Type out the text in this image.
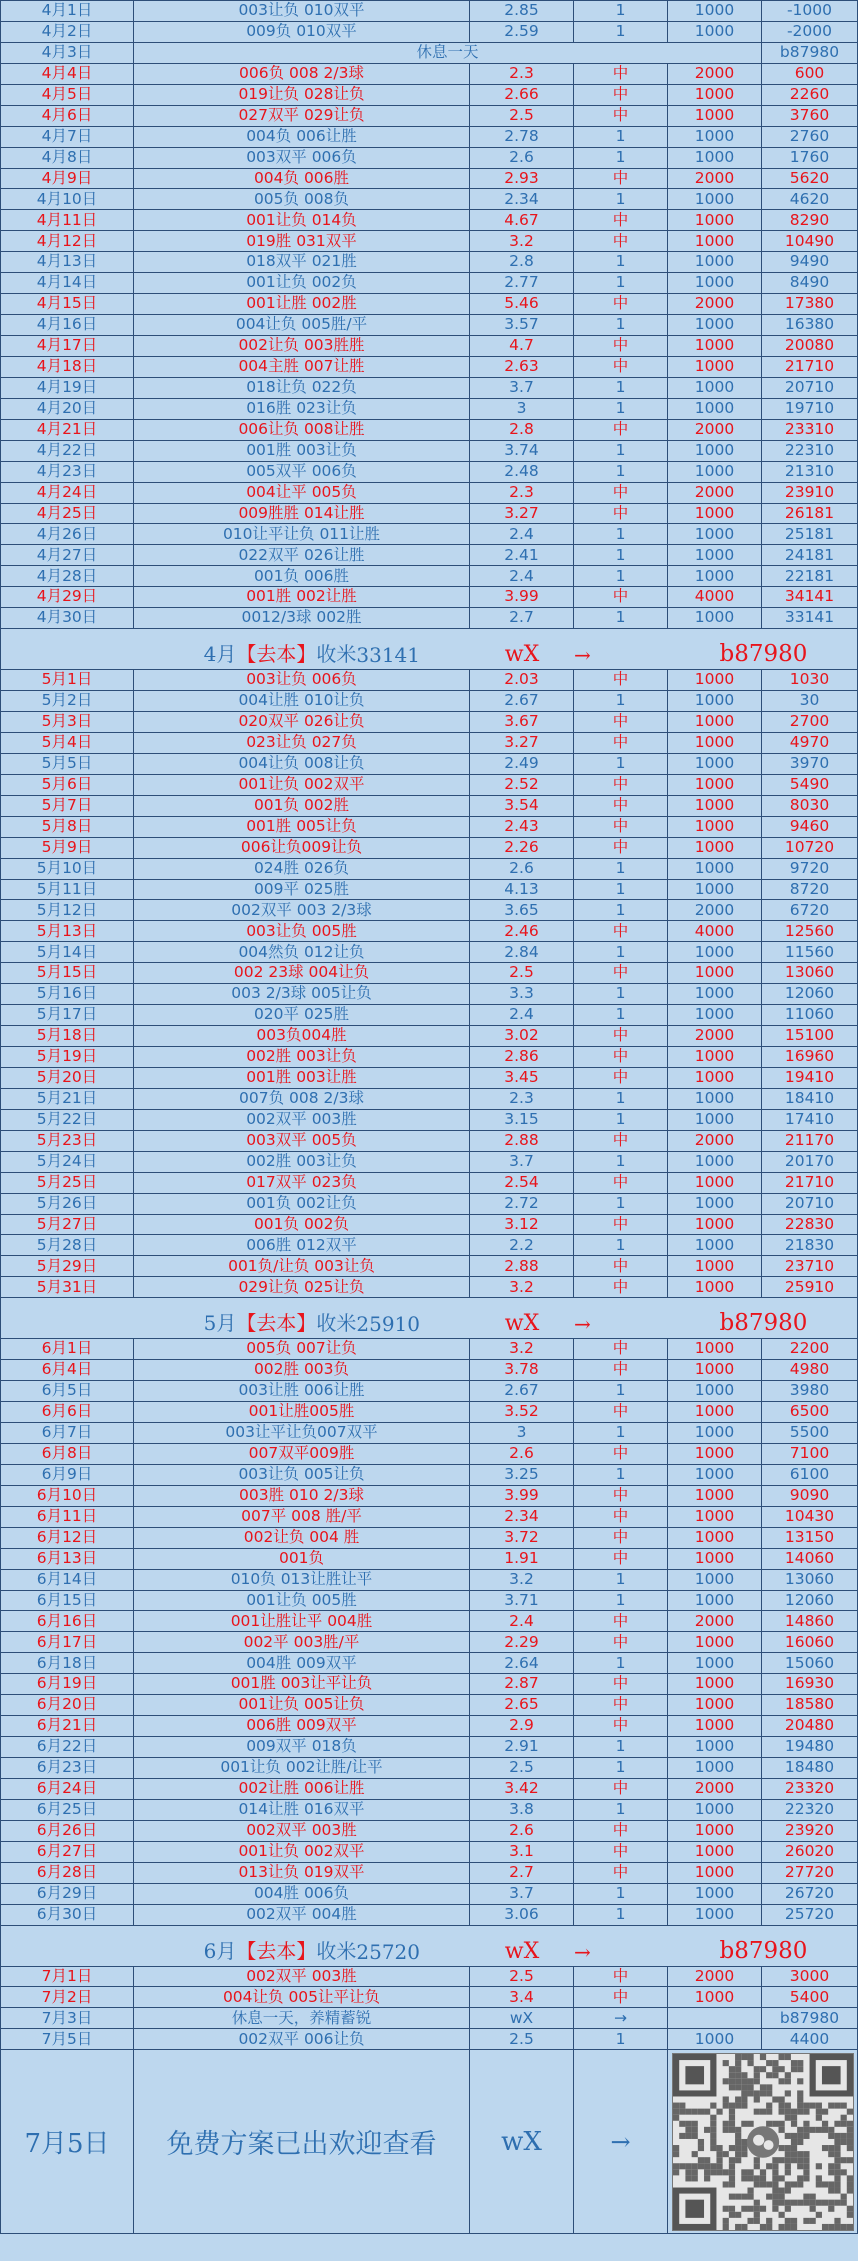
4月1日	003让负 010双平	2.85	1	1000	-1000
4月2日	009负 010双平	2.59	1	1000	-2000
4月3日	休息一天	b87980
4月4日	006负 008 2/3球	2.3	中	2000	600
4月5日	019让负 028让负	2.66	中	1000	2260
4月6日	027双平 029让负	2.5	中	1000	3760
4月7日	004负 006让胜	2.78	1	1000	2760
4月8日	003双平 006负	2.6	1	1000	1760
4月9日	004负 006胜	2.93	中	2000	5620
4月10日	005负 008负	2.34	1	1000	4620
4月11日	001让负 014负	4.67	中	1000	8290
4月12日	019胜 031双平	3.2	中	1000	10490
4月13日	018双平 021胜	2.8	1	1000	9490
4月14日	001让负 002负	2.77	1	1000	8490
4月15日	001让胜 002胜	5.46	中	2000	17380
4月16日	004让负 005胜/平	3.57	1	1000	16380
4月17日	002让负 003胜胜	4.7	中	1000	20080
4月18日	004主胜 007让胜	2.63	中	1000	21710
4月19日	018让负 022负	3.7	1	1000	20710
4月20日	016胜 023让负	3	1	1000	19710
4月21日	006让负 008让胜	2.8	中	2000	23310
4月22日	001胜 003让负	3.74	1	1000	22310
4月23日	005双平 006负	2.48	1	1000	21310
4月24日	004让平 005负	2.3	中	2000	23910
4月25日	009胜胜 014让胜	3.27	中	1000	26181
4月26日	010让平让负 011让胜	2.4	1	1000	25181
4月27日	022双平 026让胜	2.41	1	1000	24181
4月28日	001负 006胜	2.4	1	1000	22181
4月29日	001胜 002让胜	3.99	中	4000	34141
4月30日	0012/3球 002胜	2.7	1	1000	33141
4月 【去本】 收米 33141	wX	→	b87980
5月1日	003让负 006负	2.03	中	1000	1030
5月2日	004让胜 010让负	2.67	1	1000	30
5月3日	020双平 026让负	3.67	中	1000	2700
5月4日	023让负 027负	3.27	中	1000	4970
5月5日	004让负 008让负	2.49	1	1000	3970
5月6日	001让负 002双平	2.52	中	1000	5490
5月7日	001负 002胜	3.54	中	1000	8030
5月8日	001胜 005让负	2.43	中	1000	9460
5月9日	006让负009让负	2.26	中	1000	10720
5月10日	024胜 026负	2.6	1	1000	9720
5月11日	009平 025胜	4.13	1	1000	8720
5月12日	002双平 003 2/3球	3.65	1	2000	6720
5月13日	003让负 005胜	2.46	中	4000	12560
5月14日	004然负 012让负	2.84	1	1000	11560
5月15日	002 23球 004让负	2.5	中	1000	13060
5月16日	003 2/3球 005让负	3.3	1	1000	12060
5月17日	020平 025胜	2.4	1	1000	11060
5月18日	003负004胜	3.02	中	2000	15100
5月19日	002胜 003让负	2.86	中	1000	16960
5月20日	001胜 003让胜	3.45	中	1000	19410
5月21日	007负 008 2/3球	2.3	1	1000	18410
5月22日	002双平 003胜	3.15	1	1000	17410
5月23日	003双平 005负	2.88	中	2000	21170
5月24日	002胜 003让负	3.7	1	1000	20170
5月25日	017双平 023负	2.54	中	1000	21710
5月26日	001负 002让负	2.72	1	1000	20710
5月27日	001负 002负	3.12	中	1000	22830
5月28日	006胜 012双平	2.2	1	1000	21830
5月29日	001负/让负 003让负	2.88	中	1000	23710
5月31日	029让负 025让负	3.2	中	1000	25910
5月 【去本】 收米 25910	wX	→	b87980
6月1日	005负 007让负	3.2	中	1000	2200
6月4日	002胜 003负	3.78	中	1000	4980
6月5日	003让胜 006让胜	2.67	1	1000	3980
6月6日	001让胜005胜	3.52	中	1000	6500
6月7日	003让平让负007双平	3	1	1000	5500
6月8日	007双平009胜	2.6	中	1000	7100
6月9日	003让负 005让负	3.25	1	1000	6100
6月10日	003胜 010 2/3球	3.99	中	1000	9090
6月11日	007平 008 胜/平	2.34	中	1000	10430
6月12日	002让负 004 胜	3.72	中	1000	13150
6月13日	001负	1.91	中	1000	14060
6月14日	010负 013让胜让平	3.2	1	1000	13060
6月15日	001让负 005胜	3.71	1	1000	12060
6月16日	001让胜让平 004胜	2.4	中	2000	14860
6月17日	002平 003胜/平	2.29	中	1000	16060
6月18日	004胜 009双平	2.64	1	1000	15060
6月19日	001胜 003让平让负	2.87	中	1000	16930
6月20日	001让负 005让负	2.65	中	1000	18580
6月21日	006胜 009双平	2.9	中	1000	20480
6月22日	009双平 018负	2.91	1	1000	19480
6月23日	001让负 002让胜/让平	2.5	1	1000	18480
6月24日	002让胜 006让胜	3.42	中	2000	23320
6月25日	014让胜 016双平	3.8	1	1000	22320
6月26日	002双平 003胜	2.6	中	1000	23920
6月27日	001让负 002双平	3.1	中	1000	26020
6月28日	013让负 019双平	2.7	中	1000	27720
6月29日	004胜 006负	3.7	1	1000	26720
6月30日	002双平 004胜	3.06	1	1000	25720
6月 【去本】 收米 25720	wX	→	b87980
7月1日	002双平 003胜	2.5	中	2000	3000
7月2日	004让负 005让平让负	3.4	中	1000	5400
7月3日	休息一天，养精蓄锐	wX	→	b87980
7月5日	002双平 006让负	2.5	1	1000	4400
7月5日	免费方案已出欢迎查看	wX	→
